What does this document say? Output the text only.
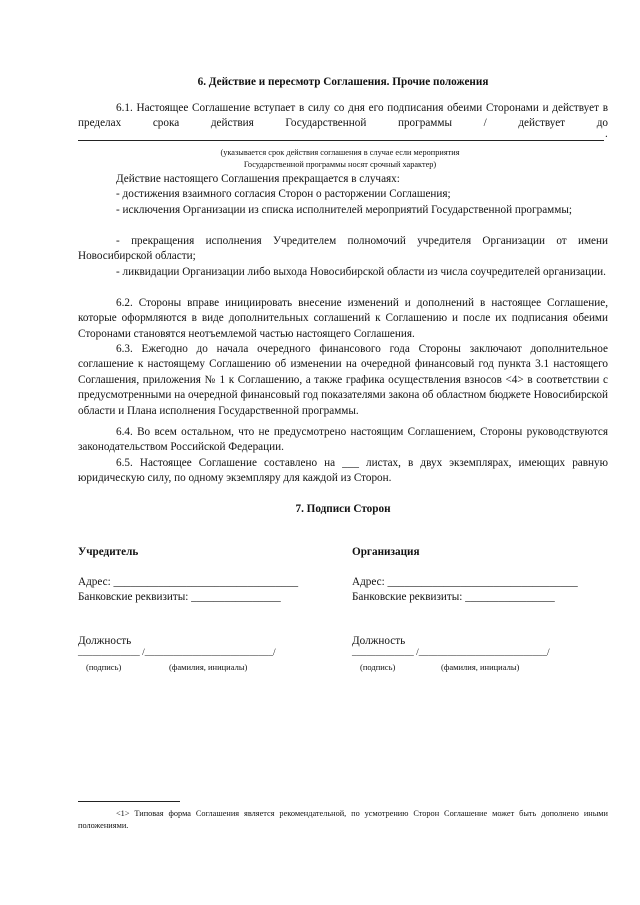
6. Действие и пересмотр Соглашения. Прочие положения
6.1. Настоящее Соглашение вступает в силу со дня его подписания обеими Сторонами и действует в пределах срока действия Государственной программы / действует до
.
(указывается срок действия соглашения в случае если мероприятия
Государственной программы носят срочный характер)
Действие настоящего Соглашения прекращается в случаях:
- достижения взаимного согласия Сторон о расторжении Соглашения;
- исключения Организации из списка исполнителей мероприятий Государственной программы;
- прекращения исполнения Учредителем полномочий учредителя Организации от имени Новосибирской области;
- ликвидации Организации либо выхода Новосибирской области из числа соучредителей организации.
6.2. Стороны вправе инициировать внесение изменений и дополнений в настоящее Соглашение, которые оформляются в виде дополнительных соглашений к Соглашению и после их подписания обеими Сторонами становятся неотъемлемой частью настоящего Соглашения.
6.3. Ежегодно до начала очередного финансового года Стороны заключают дополнительное соглашение к настоящему Соглашению об изменении на очередной финансовый год пункта 3.1 настоящего Соглашения, приложения № 1 к Соглашению, а также графика осуществления взносов <4> в соответствии с предусмотренными на очередной финансовый год показателями закона об областном бюджете Новосибирской области и Плана исполнения Государственной программы.
6.4. Во всем остальном, что не предусмотрено настоящим Соглашением, Стороны руководствуются законодательством Российской Федерации.
6.5. Настоящее Соглашение составлено на ___ листах, в двух экземплярах, имеющих равную юридическую силу, по одному экземпляру для каждой из Сторон.
7. Подписи Сторон
Учредитель
Адрес: _________________________________
Банковские реквизиты: ________________
Должность
_____________ /___________________________/
(подпись)	(фамилия, инициалы)
Организация
Адрес: __________________________________
Банковские реквизиты: ________________
Должность
_____________ /___________________________/
(подпись)	(фамилия, инициалы)
<1> Типовая форма Соглашения является рекомендательной, по усмотрению Сторон Соглашение может быть дополнено иными положениями.
